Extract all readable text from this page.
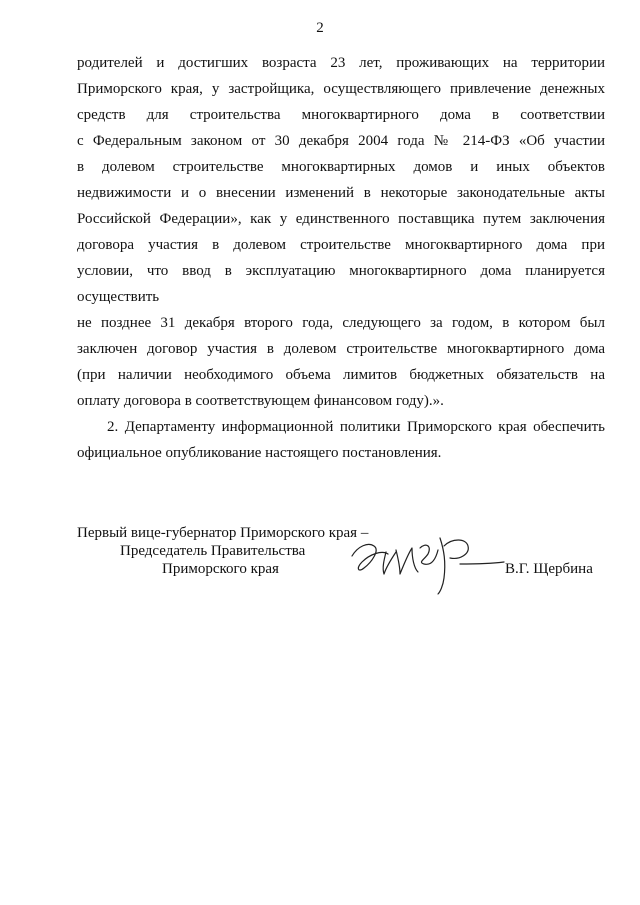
2
родителей и достигших возраста 23 лет, проживающих на территории
Приморского края, у застройщика, осуществляющего привлечение денежных
средств для строительства многоквартирного дома в соответствии
с Федеральным законом от 30 декабря 2004 года № 214-ФЗ «Об участии
в долевом строительстве многоквартирных домов и иных объектов
недвижимости и о внесении изменений в некоторые законодательные акты
Российской Федерации», как у единственного поставщика путем заключения
договора участия в долевом строительстве многоквартирного дома при
условии, что ввод в эксплуатацию многоквартирного дома планируется
осуществить
не позднее 31 декабря второго года, следующего за годом, в котором был
заключен договор участия в долевом строительстве многоквартирного дома
(при наличии необходимого объема лимитов бюджетных обязательств на
оплату договора в соответствующем финансовом году).».
2. Департаменту информационной политики Приморского края обеспечить
официальное опубликование настоящего постановления.
Первый вице-губернатор Приморского края –
Председатель Правительства
Приморского края	В.Г. Щербина
